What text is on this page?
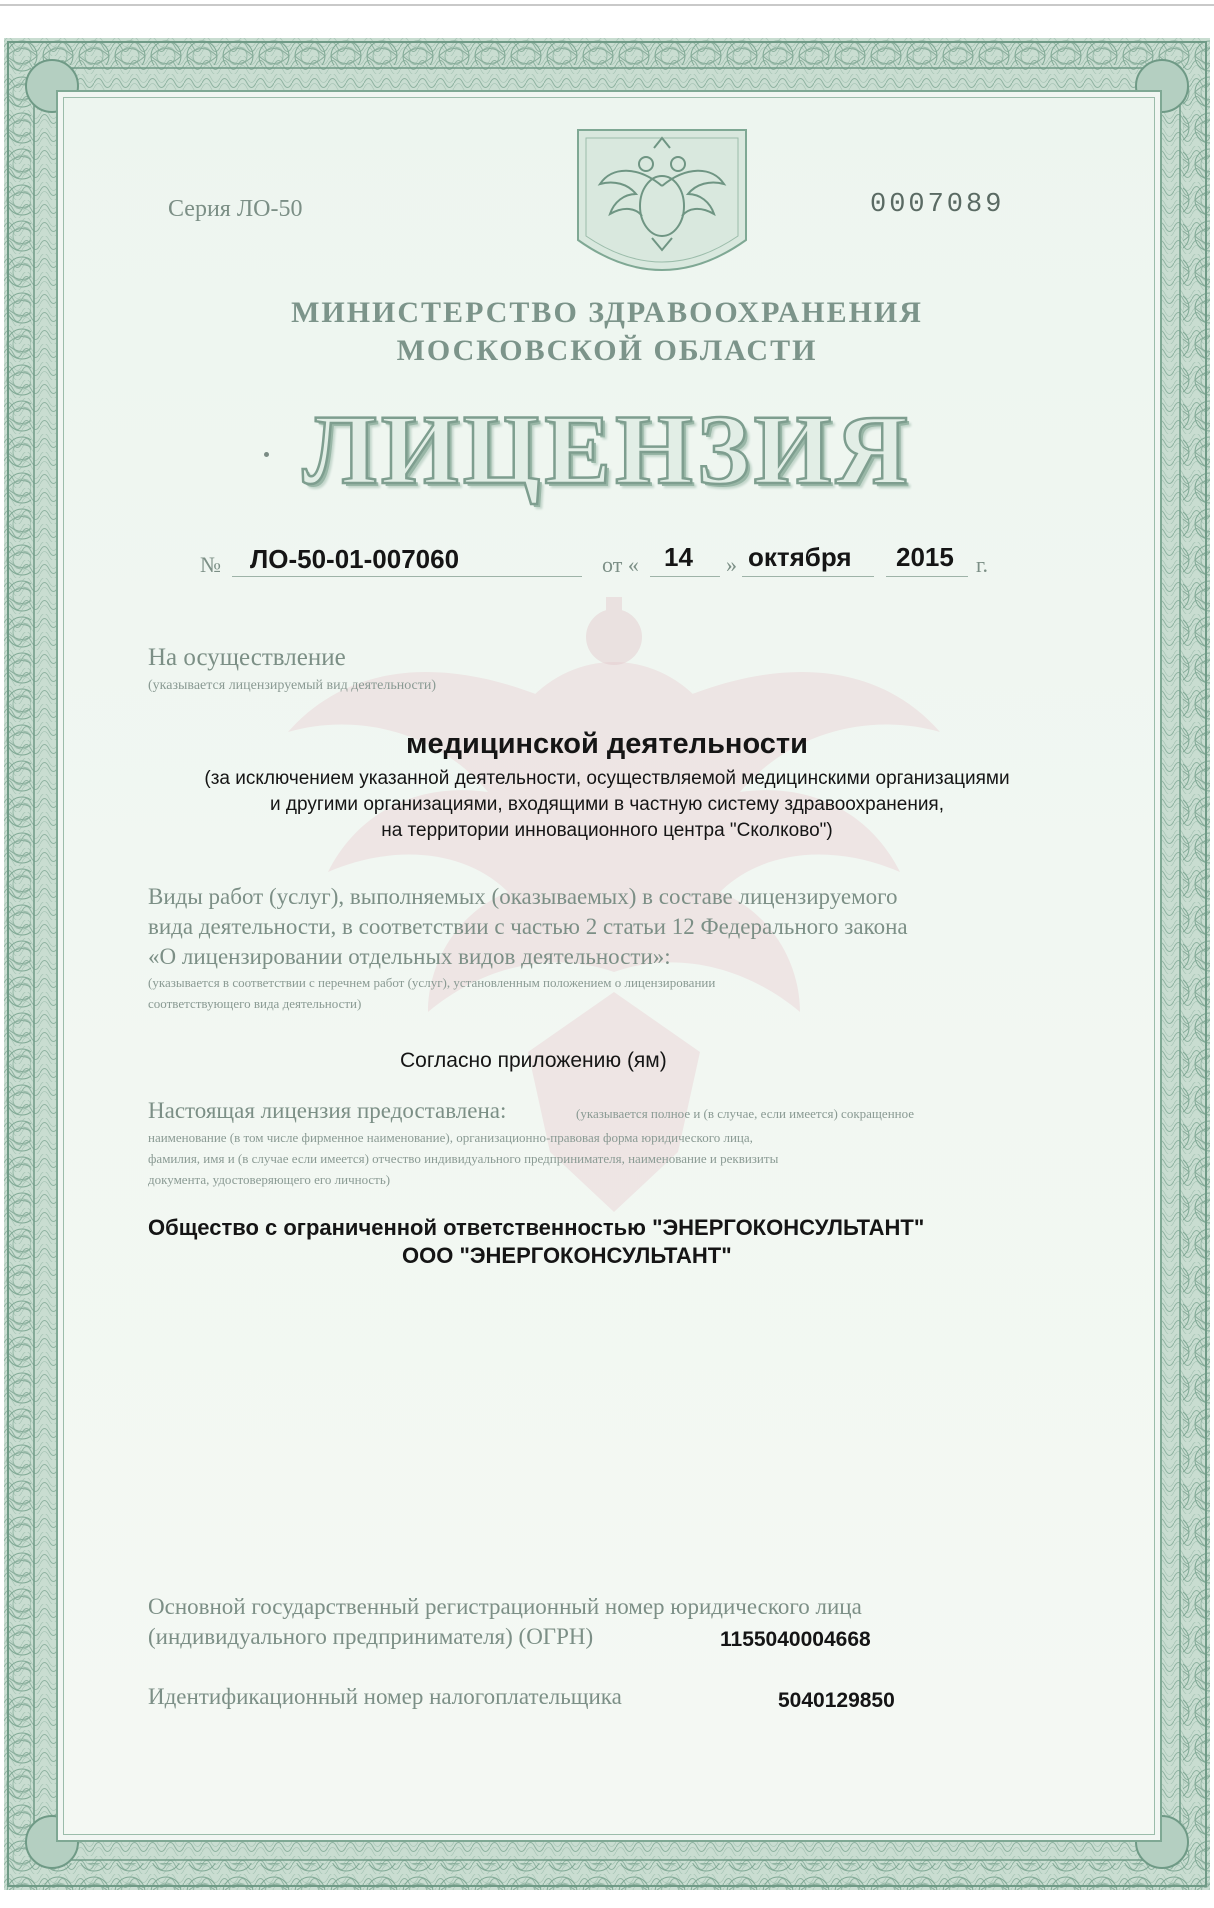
Серия ЛО-50	0007089
МИНИСТЕРСТВО ЗДРАВООХРАНЕНИЯ
МОСКОВСКОЙ ОБЛАСТИ
ЛИЦЕНЗИЯ
№ ЛО-50-01-007060	от « 14 » октября 2015 г.
На осуществление
(указывается лицензируемый вид деятельности)
медицинской деятельности
(за исключением указанной деятельности, осуществляемой медицинскими организациями
и другими организациями, входящими в частную систему здравоохранения,
на территории инновационного центра "Сколково")
Виды работ (услуг), выполняемых (оказываемых) в составе лицензируемого
вида деятельности, в соответствии с частью 2 статьи 12 Федерального закона
«О лицензировании отдельных видов деятельности»:
(указывается в соответствии с перечнем работ (услуг), установленным положением о лицензировании
соответствующего вида деятельности)
Согласно приложению (ям)
Настоящая лицензия предоставлена:	(указывается полное и (в случае, если имеется) сокращенное
наименование (в том числе фирменное наименование), организационно-правовая форма юридического лица,
фамилия, имя и (в случае если имеется) отчество индивидуального предпринимателя, наименование и реквизиты
документа, удостоверяющего его личность)
Общество с ограниченной ответственностью "ЭНЕРГОКОНСУЛЬТАНТ"
ООО "ЭНЕРГОКОНСУЛЬТАНТ"
Основной государственный регистрационный номер юридического лица
(индивидуального предпринимателя) (ОГРН)	1155040004668
Идентификационный номер налогоплательщика	5040129850
